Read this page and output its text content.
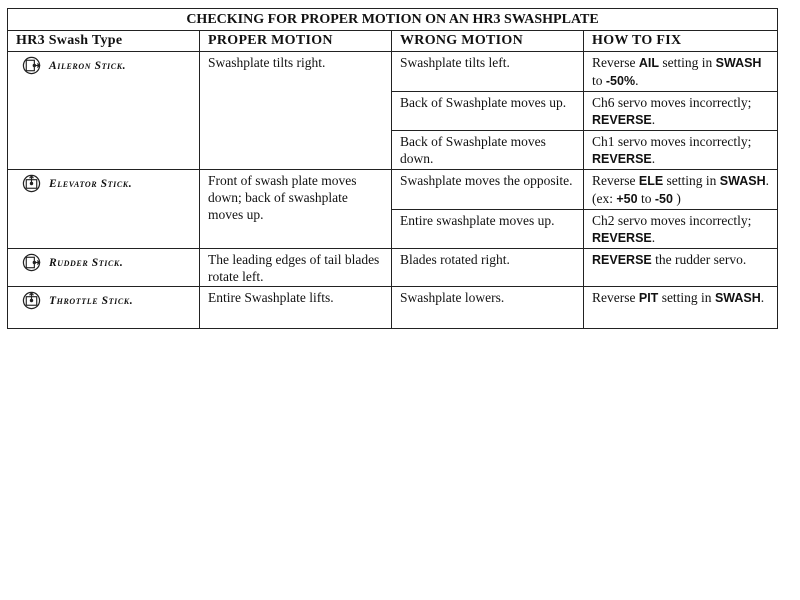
CHECKING FOR PROPER MOTION ON AN HR3 SWASHPLATE			
HR3 Swash Type	PROPER MOTION	WRONG MOTION	HOW TO FIX
Aileron Stick.	Swashplate tilts right.	Swashplate tilts left.	Reverse AIL setting in SWASH to -50%.
		Back of Swashplate moves up.	Ch6 servo moves incorrectly; REVERSE.
		Back of Swashplate moves down.	Ch1 servo moves incorrectly; REVERSE.
Elevator Stick.	Front of swash plate moves down; back of swashplate moves up.	Swashplate moves the opposite.	Reverse ELE setting in SWASH.
(ex: +50 to -50 )
		Entire swashplate moves up.	Ch2 servo moves incorrectly; REVERSE.
Rudder Stick.	The leading edges of tail blades rotate left.	Blades rotated right.	REVERSE the rudder servo.
Throttle Stick.	Entire Swashplate lifts.	Swashplate lowers.	Reverse PIT setting in SWASH.
